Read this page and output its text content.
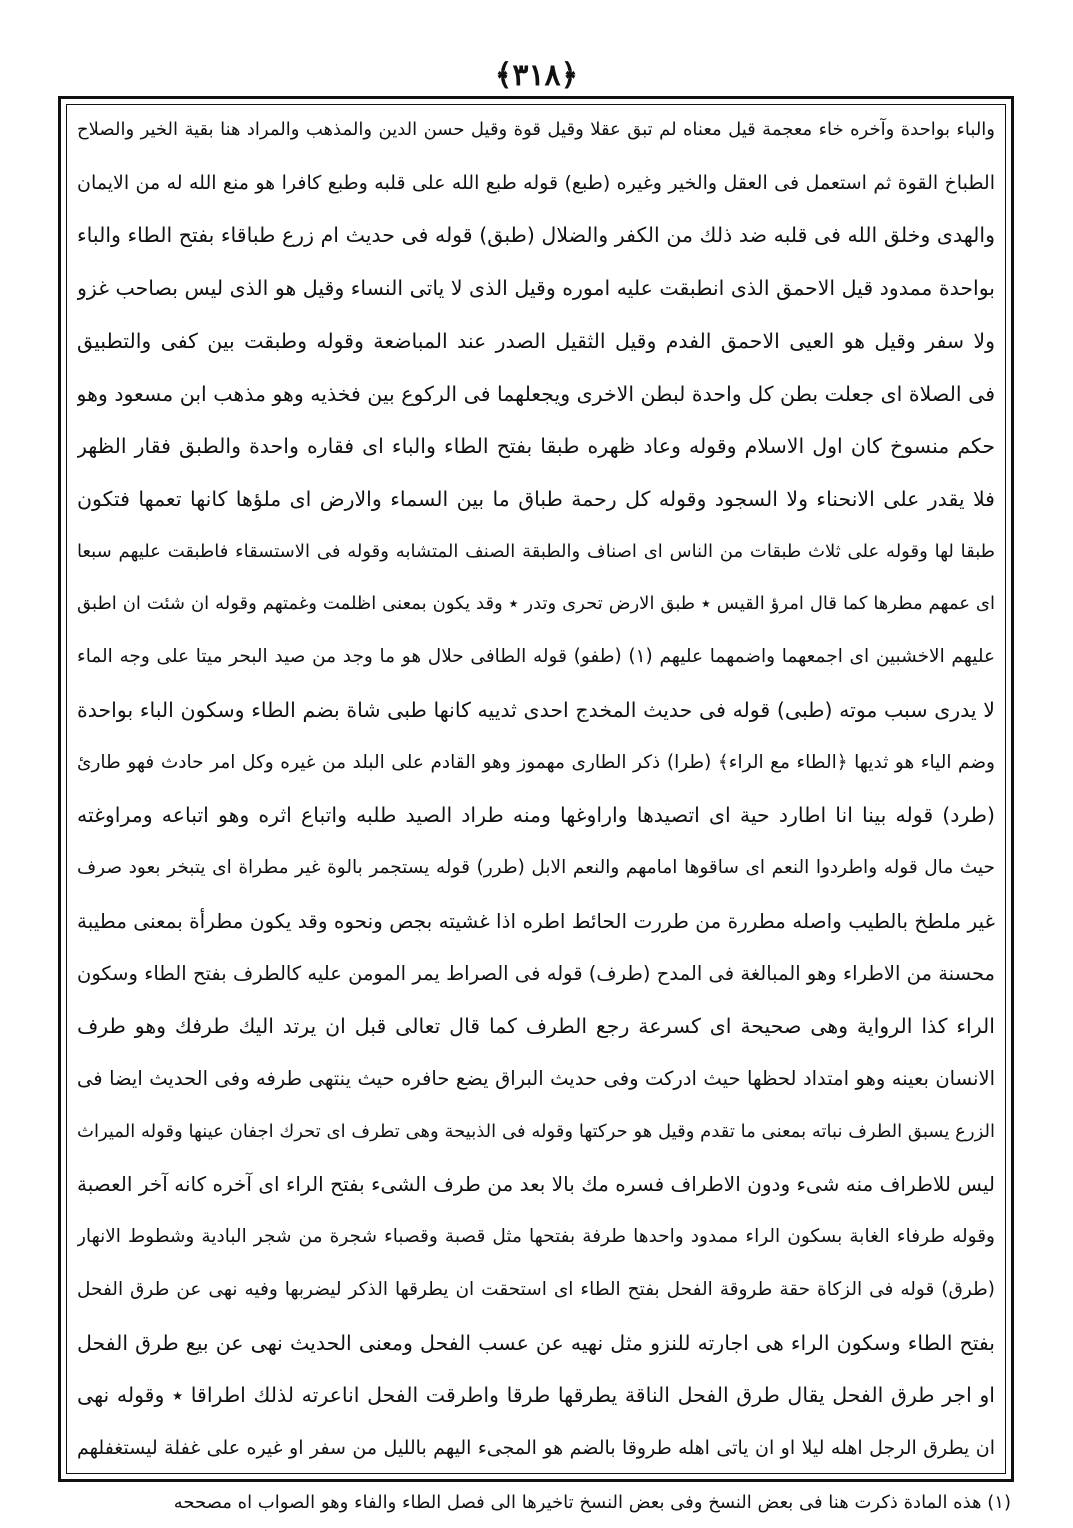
﴿٣١٨﴾
والباء بواحدة وآخره خاء معجمة قيل معناه لم تبق عقلا وقيل قوة وقيل حسن الدين والمذهب والمراد هنا بقية الخير والصلاح
الطباخ القوة ثم استعمل فى العقل والخير وغيره (طبع) قوله طبع الله على قلبه وطبع كافرا هو منع الله له من الايمان
والهدى وخلق الله فى قلبه ضد ذلك من الكفر والضلال (طبق) قوله فى حديث ام زرع طباقاء بفتح الطاء والباء
بواحدة ممدود قيل الاحمق الذى انطبقت عليه اموره وقيل الذى لا ياتى النساء وقيل هو الذى ليس بصاحب غزو
ولا سفر وقيل هو العيى الاحمق الفدم وقيل الثقيل الصدر عند المباضعة وقوله وطبقت بين كفى والتطبيق
فى الصلاة اى جعلت بطن كل واحدة لبطن الاخرى ويجعلهما فى الركوع بين فخذيه وهو مذهب ابن مسعود وهو
حكم منسوخ كان اول الاسلام وقوله وعاد ظهره طبقا بفتح الطاء والباء اى فقاره واحدة والطبق فقار الظهر
فلا يقدر على الانحناء ولا السجود وقوله كل رحمة طباق ما بين السماء والارض اى ملؤها كانها تعمها فتكون
طبقا لها وقوله على ثلاث طبقات من الناس اى اصناف والطبقة الصنف المتشابه وقوله فى الاستسقاء فاطبقت عليهم سبعا
اى عمهم مطرها كما قال امرؤ القيس ٭ طبق الارض تحرى وتدر ٭ وقد يكون بمعنى اظلمت وغمتهم وقوله ان شئت ان اطبق
عليهم الاخشبين اى اجمعهما واضمهما عليهم (١) (طفو) قوله الطافى حلال هو ما وجد من صيد البحر ميتا على وجه الماء
لا يدرى سبب موته (طبى) قوله فى حديث المخدج احدى ثدييه كانها طبى شاة بضم الطاء وسكون الباء بواحدة
وضم الياء هو ثديها ﴿الطاء مع الراء﴾ (طرا) ذكر الطارى مهموز وهو القادم على البلد من غيره وكل امر حادث فهو طارئ
(طرد) قوله بينا انا اطارد حية اى اتصيدها واراوغها ومنه طراد الصيد طلبه واتباع اثره وهو اتباعه ومراوغته
حيث مال قوله واطردوا النعم اى ساقوها امامهم والنعم الابل (طرر) قوله يستجمر بالوة غير مطراة اى يتبخر بعود صرف
غير ملطخ بالطيب واصله مطررة من طررت الحائط اطره اذا غشيته بجص ونحوه وقد يكون مطرأة بمعنى مطيبة
محسنة من الاطراء وهو المبالغة فى المدح (طرف) قوله فى الصراط يمر المومن عليه كالطرف بفتح الطاء وسكون
الراء كذا الرواية وهى صحيحة اى كسرعة رجع الطرف كما قال تعالى قبل ان يرتد اليك طرفك وهو طرف
الانسان بعينه وهو امتداد لحظها حيث ادركت وفى حديث البراق يضع حافره حيث ينتهى طرفه وفى الحديث ايضا فى
الزرع يسبق الطرف نباته بمعنى ما تقدم وقيل هو حركتها وقوله فى الذبيحة وهى تطرف اى تحرك اجفان عينها وقوله الميراث
ليس للاطراف منه شىء ودون الاطراف فسره مك بالا بعد من طرف الشىء بفتح الراء اى آخره كانه آخر العصبة
وقوله طرفاء الغابة بسكون الراء ممدود واحدها طرفة بفتحها مثل قصبة وقصباء شجرة من شجر البادية وشطوط الانهار
(طرق) قوله فى الزكاة حقة طروقة الفحل بفتح الطاء اى استحقت ان يطرقها الذكر ليضربها وفيه نهى عن طرق الفحل
بفتح الطاء وسكون الراء هى اجارته للنزو مثل نهيه عن عسب الفحل ومعنى الحديث نهى عن بيع طرق الفحل
او اجر طرق الفحل يقال طرق الفحل الناقة يطرقها طرقا واطرقت الفحل اناعرته لذلك اطراقا ٭ وقوله نهى
ان يطرق الرجل اهله ليلا او ان ياتى اهله طروقا بالضم هو المجىء اليهم بالليل من سفر او غيره على غفلة ليستغفلهم
(١) هذه المادة ذكرت هنا فى بعض النسخ وفى بعض النسخ تاخيرها الى فصل الطاء والفاء وهو الصواب اه مصححه
